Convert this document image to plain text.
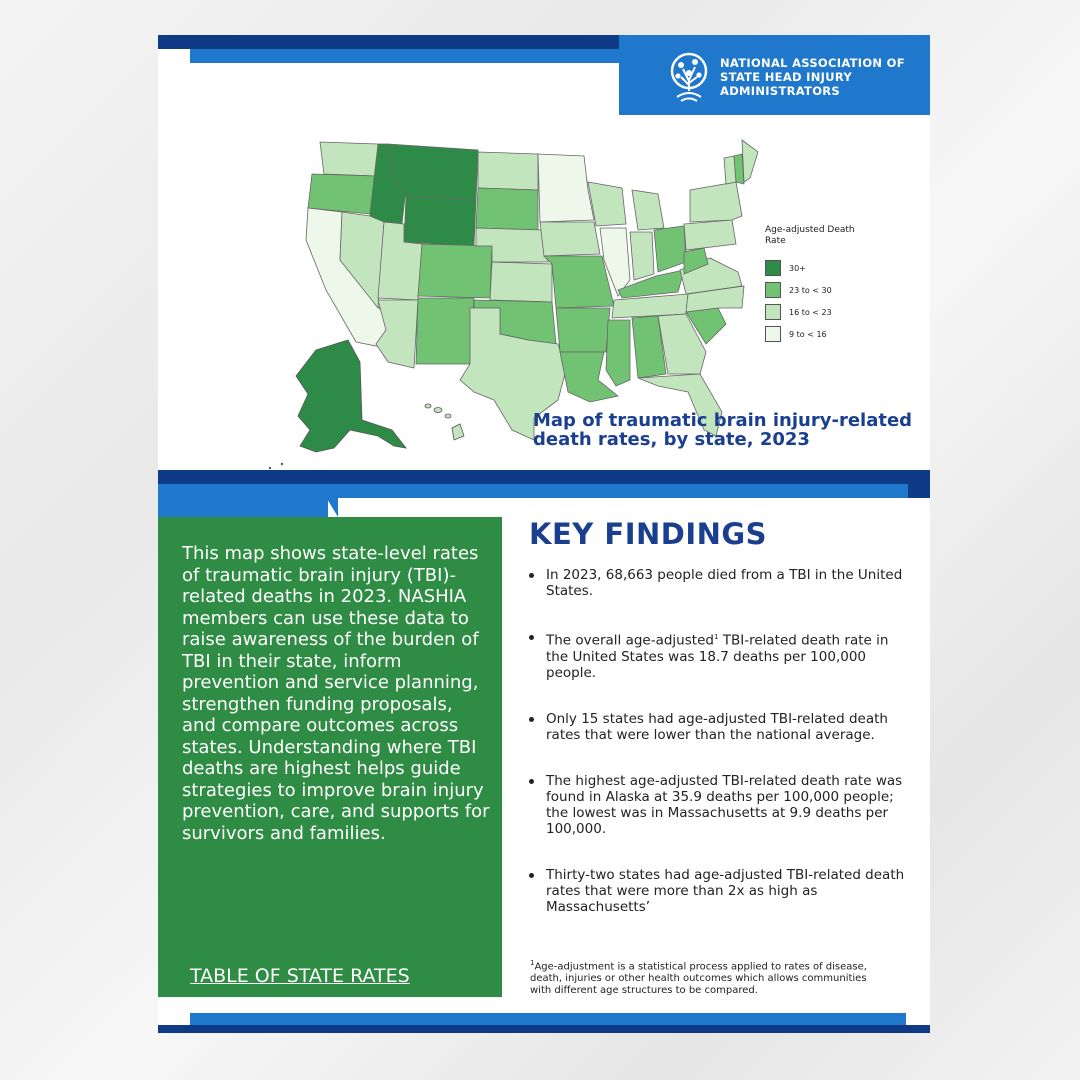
NATIONAL ASSOCIATION OF STATE HEAD INJURY ADMINISTRATORS
Age-adjusted Death Rate
30+
23 to < 30
16 to < 23
9 to < 16
Map of traumatic brain injury-related death rates, by state, 2023
This map shows state-level rates of traumatic brain injury (TBI)-related deaths in 2023. NASHIA members can use these data to raise awareness of the burden of TBI in their state, inform prevention and service planning, strengthen funding proposals, and compare outcomes across states. Understanding where TBI deaths are highest helps guide strategies to improve brain injury prevention, care, and supports for survivors and families.
TABLE OF STATE RATES
KEY FINDINGS
In 2023, 68,663 people died from a TBI in the United States.
The overall age-adjusted$^1$ TBI-related death rate in the United States was 18.7 deaths per 100,000 people.
Only 15 states had age-adjusted TBI-related death rates that were lower than the national average.
The highest age-adjusted TBI-related death rate was found in Alaska at 35.9 deaths per 100,000 people; the lowest was in Massachusetts at 9.9 deaths per 100,000.
Thirty-two states had age-adjusted TBI-related death rates that were more than 2x as high as Massachusetts’
$^1$Age-adjustment is a statistical process applied to rates of disease, death, injuries or other health outcomes which allows communities with different age structures to be compared.
